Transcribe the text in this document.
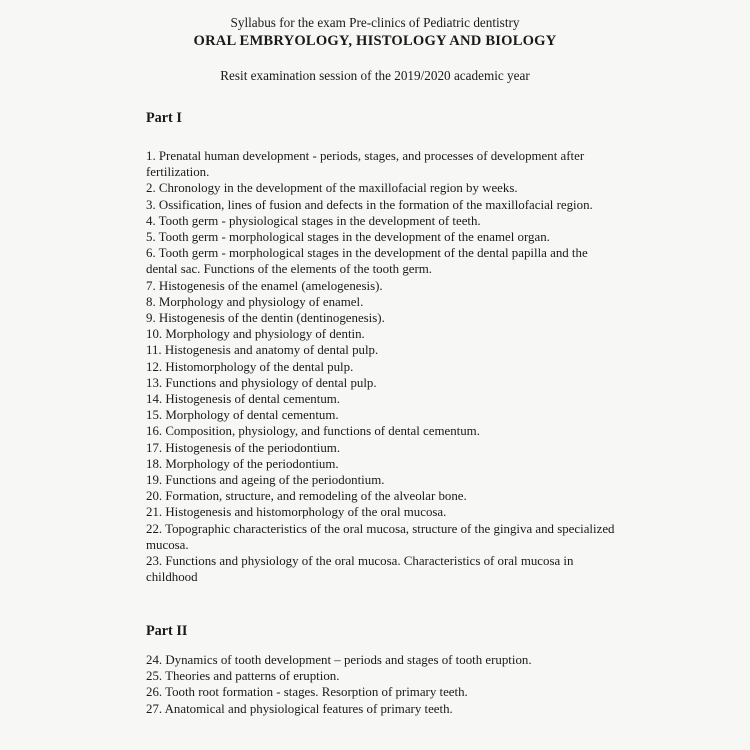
Syllabus for the exam Pre-clinics of Pediatric dentistry
ORAL EMBRYOLOGY, HISTOLOGY AND BIOLOGY
Resit examination session of the 2019/2020 academic year
Part I
1. Prenatal human development - periods, stages, and processes of development after fertilization.
2. Chronology in the development of the maxillofacial region by weeks.
3. Ossification, lines of fusion and defects in the formation of the maxillofacial region.
4. Tooth germ - physiological stages in the development of teeth.
5. Tooth germ - morphological stages in the development of the enamel organ.
6. Tooth germ - morphological stages in the development of the dental papilla and the dental sac. Functions of the elements of the tooth germ.
7. Histogenesis of the enamel (amelogenesis).
8. Morphology and physiology of enamel.
9. Histogenesis of the dentin (dentinogenesis).
10. Morphology and physiology of dentin.
11. Histogenesis and anatomy of dental pulp.
12. Histomorphology of the dental pulp.
13. Functions and physiology of dental pulp.
14. Histogenesis of dental cementum.
15. Morphology of dental cementum.
16. Composition, physiology, and functions of dental cementum.
17. Histogenesis of the periodontium.
18. Morphology of the periodontium.
19. Functions and ageing of the periodontium.
20. Formation, structure, and remodeling of the alveolar bone.
21. Histogenesis and histomorphology of the oral mucosa.
22. Topographic characteristics of the oral mucosa, structure of the gingiva and specialized mucosa.
23. Functions and physiology of the oral mucosa. Characteristics of oral mucosa in childhood
Part II
24. Dynamics of tooth development – periods and stages of tooth eruption.
25. Theories and patterns of eruption.
26. Tooth root formation - stages. Resorption of primary teeth.
27. Anatomical and physiological features of primary teeth.
